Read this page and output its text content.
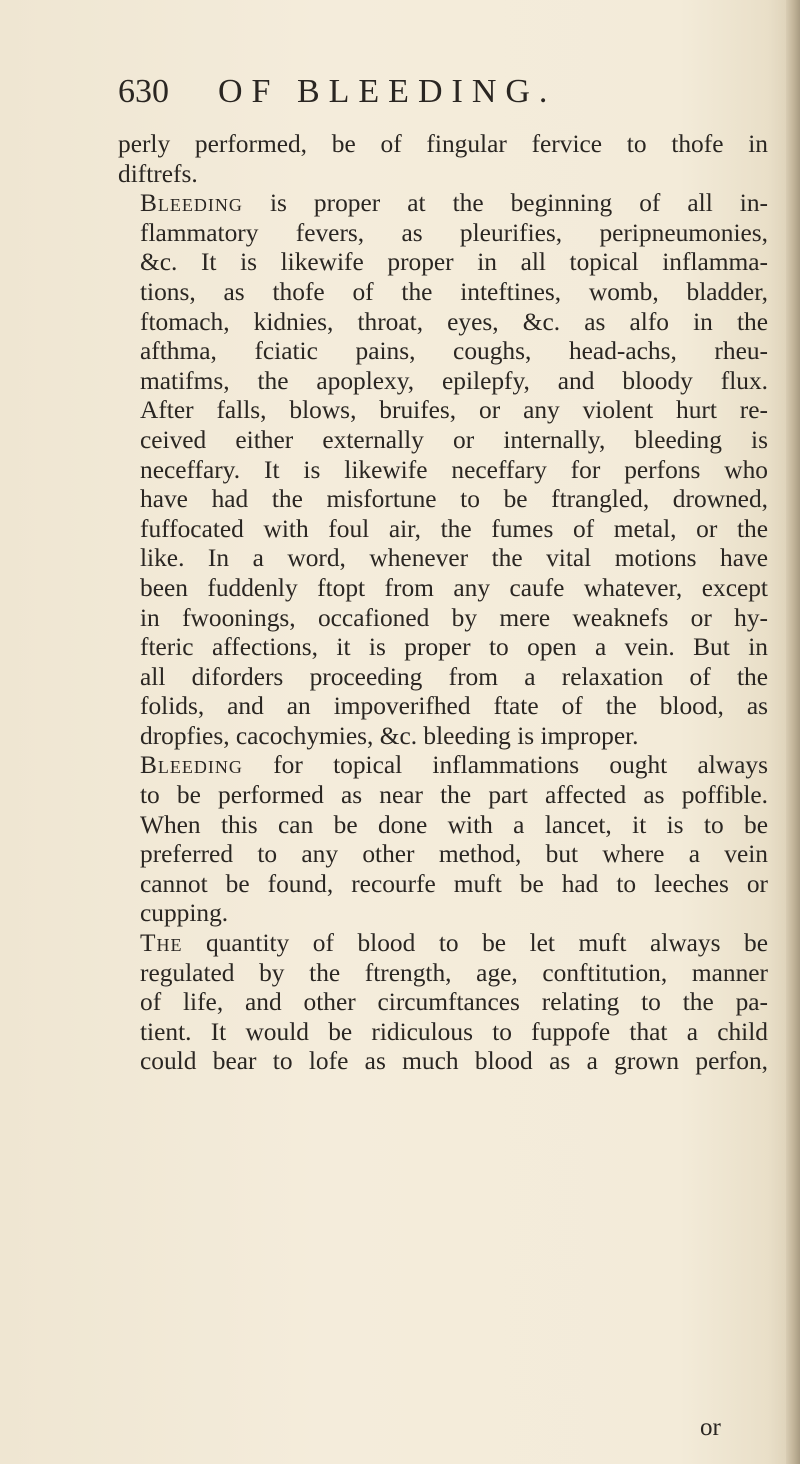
630 OF BLEEDING.

perly performed, be of fingular fervice to thofe in
diftrefs.

Bleeding is proper at the beginning of all in-
flammatory fevers, as pleurifies, peripneumonies,
&c. It is likewife proper in all topical inflamma-
tions, as thofe of the inteftines, womb, bladder,
ftomach, kidnies, throat, eyes, &c. as alfo in the
afthma, fciatic pains, coughs, head-achs, rheu-
matifms, the apoplexy, epilepfy, and bloody flux.
After falls, blows, bruifes, or any violent hurt re-
ceived either externally or internally, bleeding is
neceffary. It is likewife neceffary for perfons who
have had the misfortune to be ftrangled, drowned,
fuffocated with foul air, the fumes of metal, or the
like. In a word, whenever the vital motions have
been fuddenly ftopt from any caufe whatever, except
in fwoonings, occafioned by mere weaknefs or hy-
fteric affections, it is proper to open a vein. But in
all diforders proceeding from a relaxation of the
folids, and an impoverifhed ftate of the blood, as
dropfies, cacochymies, &c. bleeding is improper.

Bleeding for topical inflammations ought always
to be performed as near the part affected as poffible.
When this can be done with a lancet, it is to be
preferred to any other method, but where a vein
cannot be found, recourfe muft be had to leeches or
cupping.

The quantity of blood to be let muft always be
regulated by the ftrength, age, conftitution, manner
of life, and other circumftances relating to the pa-
tient. It would be ridiculous to fuppofe that a child
could bear to lofe as much blood as a grown perfon,

or
